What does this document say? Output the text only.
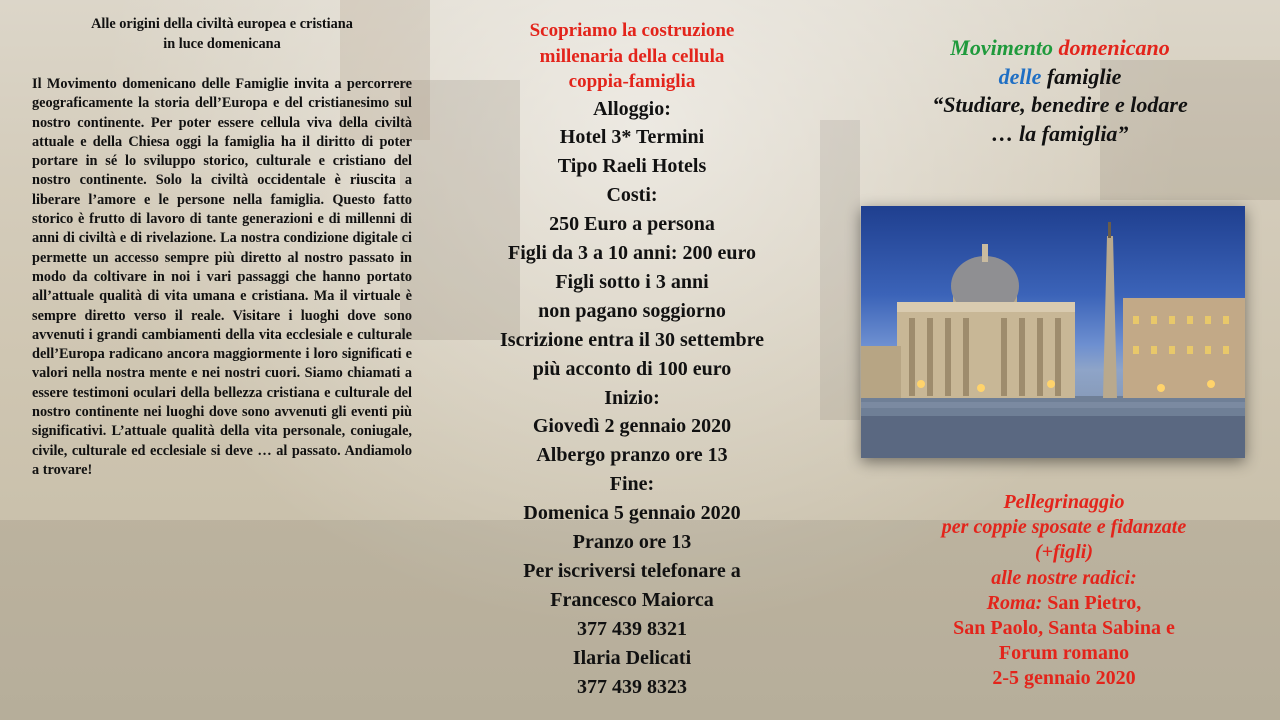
Alle origini della civiltà europea e cristiana
in luce domenicana
Il Movimento domenicano delle Famiglie invita a percorrere geograficamente la storia dell’Europa e del cristianesimo sul nostro continente. Per poter essere cellula viva della civiltà attuale e della Chiesa oggi la famiglia ha il diritto di poter portare in sé lo sviluppo storico, culturale e cristiano del nostro continente. Solo la civiltà occidentale è riuscita a liberare l’amore e le persone nella famiglia. Questo fatto storico è frutto di lavoro di tante generazioni e di millenni di anni di civiltà e di rivelazione. La nostra condizione digitale ci permette un accesso sempre più diretto al nostro passato in modo da coltivare in noi i vari passaggi che hanno portato all’attuale qualità di vita umana e cristiana. Ma il virtuale è sempre diretto verso il reale. Visitare i luoghi dove sono avvenuti i grandi cambiamenti della vita ecclesiale e culturale dell’Europa radicano ancora maggiormente i loro significati e valori nella nostra mente e nei nostri cuori. Siamo chiamati a essere testimoni oculari della bellezza cristiana e culturale del nostro continente nei luoghi dove sono avvenuti gli eventi più significativi. L’attuale qualità della vita personale, coniugale, civile, culturale ed ecclesiale si deve … al passato. Andiamolo a trovare!
Scopriamo la costruzione
millenaria della cellula
coppia-famiglia
Alloggio:
Hotel 3* Termini
Tipo Raeli Hotels
Costi:
250 Euro a persona
Figli da 3 a 10 anni: 200 euro
Figli sotto i 3 anni
non pagano soggiorno
Iscrizione entra il 30 settembre
più acconto di 100 euro
Inizio:
Giovedì 2 gennaio 2020
Albergo pranzo ore 13
Fine:
Domenica 5 gennaio 2020
Pranzo ore 13
Per iscriversi telefonare a
Francesco Maiorca
377 439 8321
Ilaria Delicati
377 439 8323
Movimento domenicano
delle famiglie
“Studiare, benedire e lodare
… la famiglia”
Pellegrinaggio
per coppie sposate e fidanzate
(+figli)
alle nostre radici:
Roma: San Pietro,
San Paolo, Santa Sabina e
Forum romano
2-5 gennaio 2020
